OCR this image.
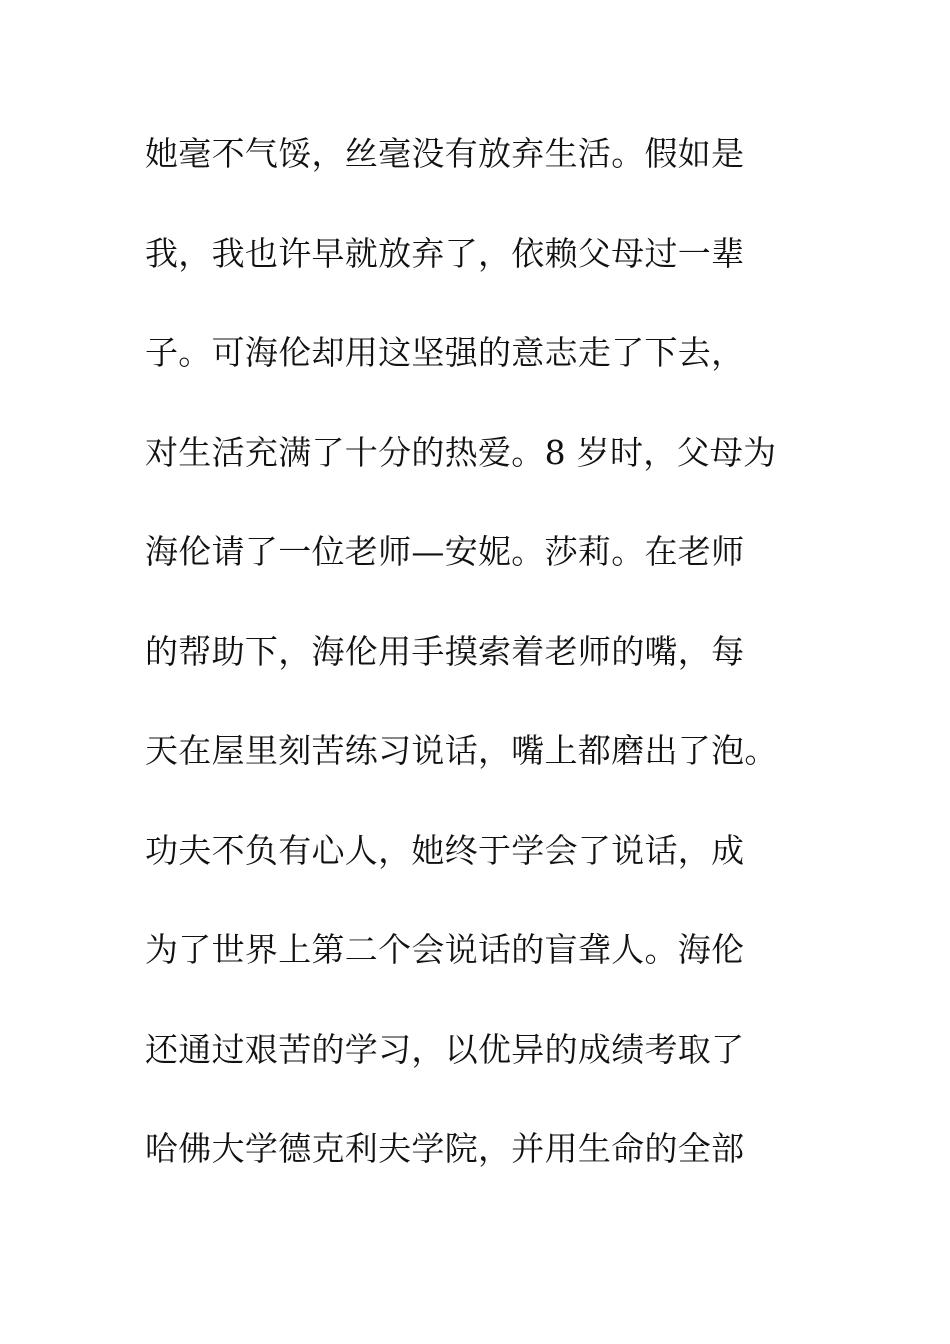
她毫不气馁，丝毫没有放弃生活。假如是
我，我也许早就放弃了，依赖父母过一辈
子。可海伦却用这坚强的意志走了下去，
对生活充满了十分的热爱。8 岁时，父母为
海伦请了一位老师—安妮。莎莉。在老师
的帮助下，海伦用手摸索着老师的嘴，每
天在屋里刻苦练习说话，嘴上都磨出了泡。
功夫不负有心人，她终于学会了说话，成
为了世界上第二个会说话的盲聋人。海伦
还通过艰苦的学习，以优异的成绩考取了
哈佛大学德克利夫学院，并用生命的全部
